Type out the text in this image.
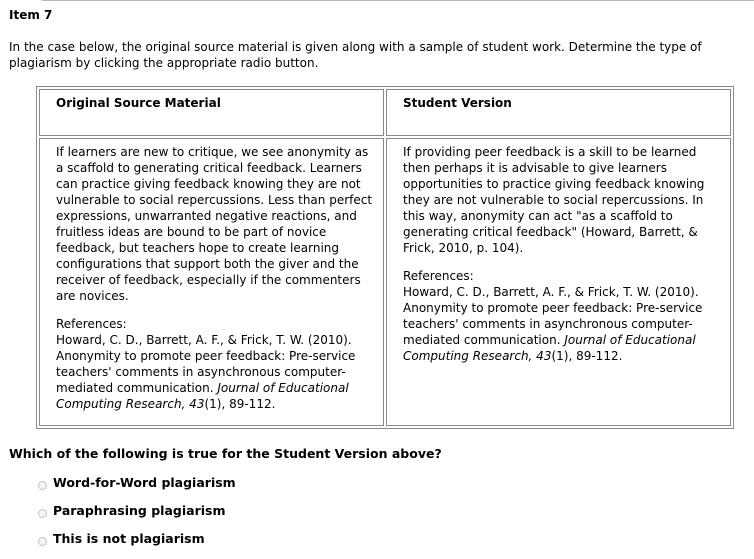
Item 7
In the case below, the original source material is given along with a sample of student work. Determine the type of plagiarism by clicking the appropriate radio button.
Original Source Material	Student Version

If learners are new to critique, we see anonymity as a scaffold to generating critical feedback. Learners can practice giving feedback knowing they are not vulnerable to social repercussions. Less than perfect expressions, unwarranted negative reactions, and fruitless ideas are bound to be part of novice feedback, but teachers hope to create learning configurations that support both the giver and the receiver of feedback, especially if the commenters are novices.

References:

Howard, C. D., Barrett, A. F., & Frick, T. W. (2010). Anonymity to promote peer feedback: Pre-service teachers' comments in asynchronous computer-mediated communication. Journal of Educational Computing Research, 43(1), 89-112.

If providing peer feedback is a skill to be learned then perhaps it is advisable to give learners opportunities to practice giving feedback knowing they are not vulnerable to social repercussions. In this way, anonymity can act "as a scaffold to generating critical feedback" (Howard, Barrett, & Frick, 2010, p. 104).

References:

Howard, C. D., Barrett, A. F., & Frick, T. W. (2010). Anonymity to promote peer feedback: Pre-service teachers' comments in asynchronous computer-mediated communication. Journal of Educational Computing Research, 43(1), 89-112.

Which of the following is true for the Student Version above?
Word-for-Word plagiarism
Paraphrasing plagiarism
This is not plagiarism
